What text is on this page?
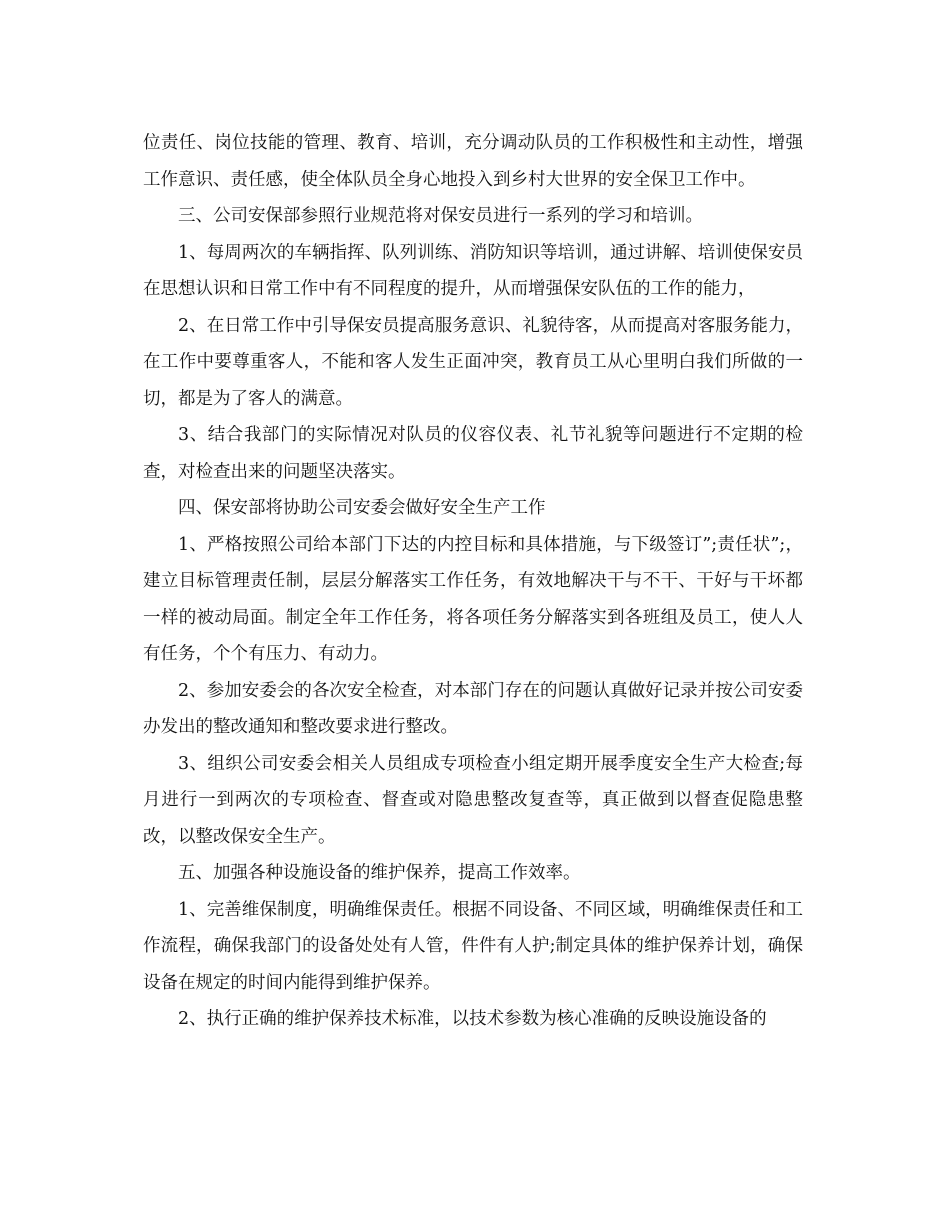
位责任、岗位技能的管理、教育、培训，充分调动队员的工作积极性和主动性，增强工作意识、责任感，使全体队员全身心地投入到乡村大世界的安全保卫工作中。

三、公司安保部参照行业规范将对保安员进行一系列的学习和培训。

1、每周两次的车辆指挥、队列训练、消防知识等培训，通过讲解、培训使保安员在思想认识和日常工作中有不同程度的提升，从而增强保安队伍的工作的能力，

2、在日常工作中引导保安员提高服务意识、礼貌待客，从而提高对客服务能力，在工作中要尊重客人，不能和客人发生正面冲突，教育员工从心里明白我们所做的一切，都是为了客人的满意。

3、结合我部门的实际情况对队员的仪容仪表、礼节礼貌等问题进行不定期的检查，对检查出来的问题坚决落实。

四、保安部将协助公司安委会做好安全生产工作

1、严格按照公司给本部门下达的内控目标和具体措施，与下级签订”;责任状”;，建立目标管理责任制，层层分解落实工作任务，有效地解决干与不干、干好与干坏都一样的被动局面。制定全年工作任务，将各项任务分解落实到各班组及员工，使人人有任务，个个有压力、有动力。

2、参加安委会的各次安全检查，对本部门存在的问题认真做好记录并按公司安委办发出的整改通知和整改要求进行整改。

3、组织公司安委会相关人员组成专项检查小组定期开展季度安全生产大检查;每月进行一到两次的专项检查、督查或对隐患整改复查等，真正做到以督查促隐患整改，以整改保安全生产。

五、加强各种设施设备的维护保养，提高工作效率。

1、完善维保制度，明确维保责任。根据不同设备、不同区域，明确维保责任和工作流程，确保我部门的设备处处有人管，件件有人护;制定具体的维护保养计划，确保设备在规定的时间内能得到维护保养。

2、执行正确的维护保养技术标准，以技术参数为核心准确的反映设施设备的
